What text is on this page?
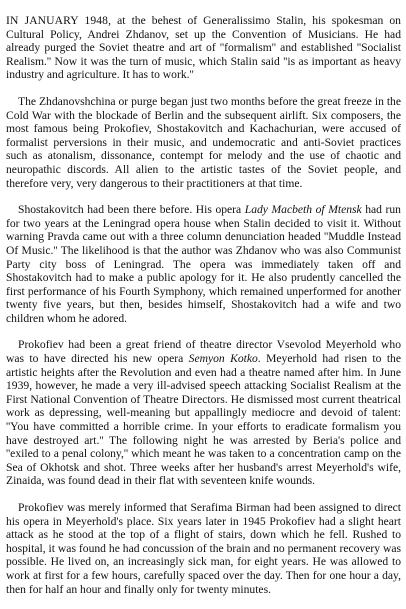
IN JANUARY 1948, at the behest of Generalissimo Stalin, his spokesman on Cultural Policy, Andrei Zhdanov, set up the Convention of Musicians. He had already purged the Soviet theatre and art of ''formalism'' and established ''Socialist Realism.'' Now it was the turn of music, which Stalin said ''is as important as heavy industry and agriculture. It has to work.''

The Zhdanovshchina or purge began just two months before the great freeze in the Cold War with the blockade of Berlin and the subsequent airlift. Six composers, the most famous being Prokofiev, Shostakovitch and Kachachurian, were accused of formalist perversions in their music, and undemocratic and anti-Soviet practices such as atonalism, dissonance, contempt for melody and the use of chaotic and neuropathic discords. All alien to the artistic tastes of the Soviet people, and therefore very, very dangerous to their practitioners at that time.

Shostakovitch had been there before. His opera Lady Macbeth of Mtensk had run for two years at the Leningrad opera house when Stalin decided to visit it. Without warning Pravda came out with a three column denunciation headed ''Muddle Instead Of Music.'' The likelihood is that the author was Zhdanov who was also Communist Party city boss of Leningrad. The opera was immediately taken off and Shostakovitch had to make a public apology for it. He also prudently cancelled the first performance of his Fourth Symphony, which remained unperformed for another twenty five years, but then, besides himself, Shostakovitch had a wife and two children whom he adored.

Prokofiev had been a great friend of theatre director Vsevolod Meyerhold who was to have directed his new opera Semyon Kotko. Meyerhold had risen to the artistic heights after the Revolution and even had a theatre named after him. In June 1939, however, he made a very ill-advised speech attacking Socialist Realism at the First National Convention of Theatre Directors. He dismissed most current theatrical work as depressing, well-meaning but appallingly mediocre and devoid of talent: ''You have committed a horrible crime. In your efforts to eradicate formalism you have destroyed art.'' The following night he was arrested by Beria's police and ''exiled to a penal colony,'' which meant he was taken to a concentration camp on the Sea of Okhotsk and shot. Three weeks after her husband's arrest Meyerhold's wife, Zinaida, was found dead in their flat with seventeen knife wounds.

Prokofiev was merely informed that Serafima Birman had been assigned to direct his opera in Meyerhold's place. Six years later in 1945 Prokofiev had a slight heart attack as he stood at the top of a flight of stairs, down which he fell. Rushed to hospital, it was found he had concussion of the brain and no permanent recovery was possible. He lived on, an increasingly sick man, for eight years. He was allowed to work at first for a few hours, carefully spaced over the day. Then for one hour a day, then for half an hour and finally only for twenty minutes.
